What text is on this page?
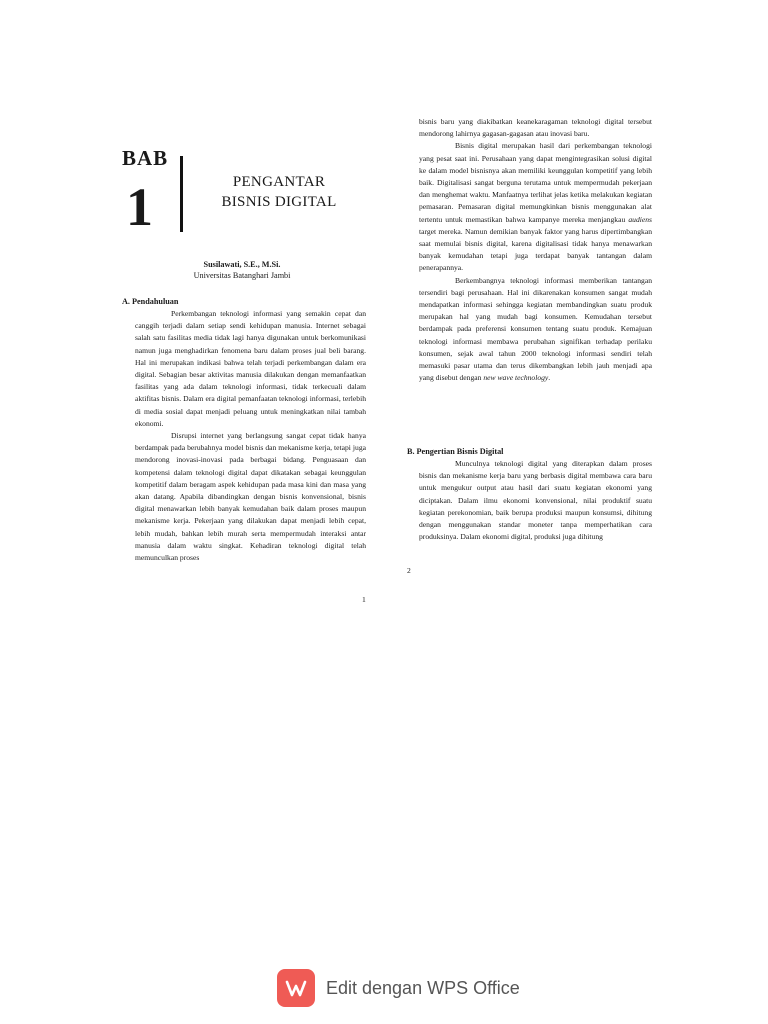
BAB
1	PENGANTAR
BISNIS DIGITAL
Susilawati, S.E., M.Si.
Universitas Batanghari Jambi
A. Pendahuluan

Perkembangan teknologi informasi yang semakin cepat dan canggih terjadi dalam setiap sendi kehidupan manusia. Internet sebagai salah satu fasilitas media tidak lagi hanya digunakan untuk berkomunikasi namun juga menghadirkan fenomena baru dalam proses jual beli barang. Hal ini merupakan indikasi bahwa telah terjadi perkembangan dalam era digital. Sebagian besar aktivitas manusia dilakukan dengan memanfaatkan fasilitas yang ada dalam teknologi informasi, tidak terkecuali dalam aktifitas bisnis. Dalam era digital pemanfaatan teknologi informasi, terlebih di media sosial dapat menjadi peluang untuk meningkatkan nilai tambah ekonomi.

Disrupsi internet yang berlangsung sangat cepat tidak hanya berdampak pada berubahnya model bisnis dan mekanisme kerja, tetapi juga mendorong inovasi-inovasi pada berbagai bidang. Penguasaan dan kompetensi dalam teknologi digital dapat dikatakan sebagai keunggulan kompetitif dalam beragam aspek kehidupan pada masa kini dan masa yang akan datang. Apabila dibandingkan dengan bisnis konvensional, bisnis digital menawarkan lebih banyak kemudahan baik dalam proses maupun mekanisme kerja. Pekerjaan yang dilakukan dapat menjadi lebih cepat, lebih mudah, bahkan lebih murah serta mempermudah interaksi antar manusia dalam waktu singkat. Kehadiran teknologi digital telah memunculkan proses

1

bisnis baru yang diakibatkan keanekaragaman teknologi digital tersebut mendorong lahirnya gagasan-gagasan atau inovasi baru.

Bisnis digital merupakan hasil dari perkembangan teknologi yang pesat saat ini. Perusahaan yang dapat mengintegrasikan solusi digital ke dalam model bisnisnya akan memiliki keunggulan kompetitif yang lebih baik. Digitalisasi sangat berguna terutama untuk mempermudah pekerjaan dan menghemat waktu. Manfaatnya terlihat jelas ketika melakukan kegiatan pemasaran. Pemasaran digital memungkinkan bisnis menggunakan alat tertentu untuk memastikan bahwa kampanye mereka menjangkau audiens target mereka. Namun demikian banyak faktor yang harus dipertimbangkan saat memulai bisnis digital, karena digitalisasi tidak hanya menawarkan banyak kemudahan tetapi juga terdapat banyak tantangan dalam penerapannya.

Berkembangnya teknologi informasi memberikan tantangan tersendiri bagi perusahaan. Hal ini dikarenakan konsumen sangat mudah mendapatkan informasi sehingga kegiatan membandingkan suatu produk merupakan hal yang mudah bagi konsumen. Kemudahan tersebut berdampak pada preferensi konsumen tentang suatu produk. Kemajuan teknologi informasi membawa perubahan signifikan terhadap perilaku konsumen, sejak awal tahun 2000 teknologi informasi sendiri telah memasuki pasar utama dan terus dikembangkan lebih jauh menjadi apa yang disebut dengan new wave technology.

B. Pengertian Bisnis Digital

Munculnya teknologi digital yang diterapkan dalam proses bisnis dan mekanisme kerja baru yang berbasis digital membawa cara baru untuk mengukur output atau hasil dari suatu kegiatan ekonomi yang diciptakan. Dalam ilmu ekonomi konvensional, nilai produktif suatu kegiatan perekonomian, baik berupa produksi maupun konsumsi, dihitung dengan menggunakan standar moneter tanpa memperhatikan cara produksinya. Dalam ekonomi digital, produksi juga dihitung

2
Edit dengan WPS Office
